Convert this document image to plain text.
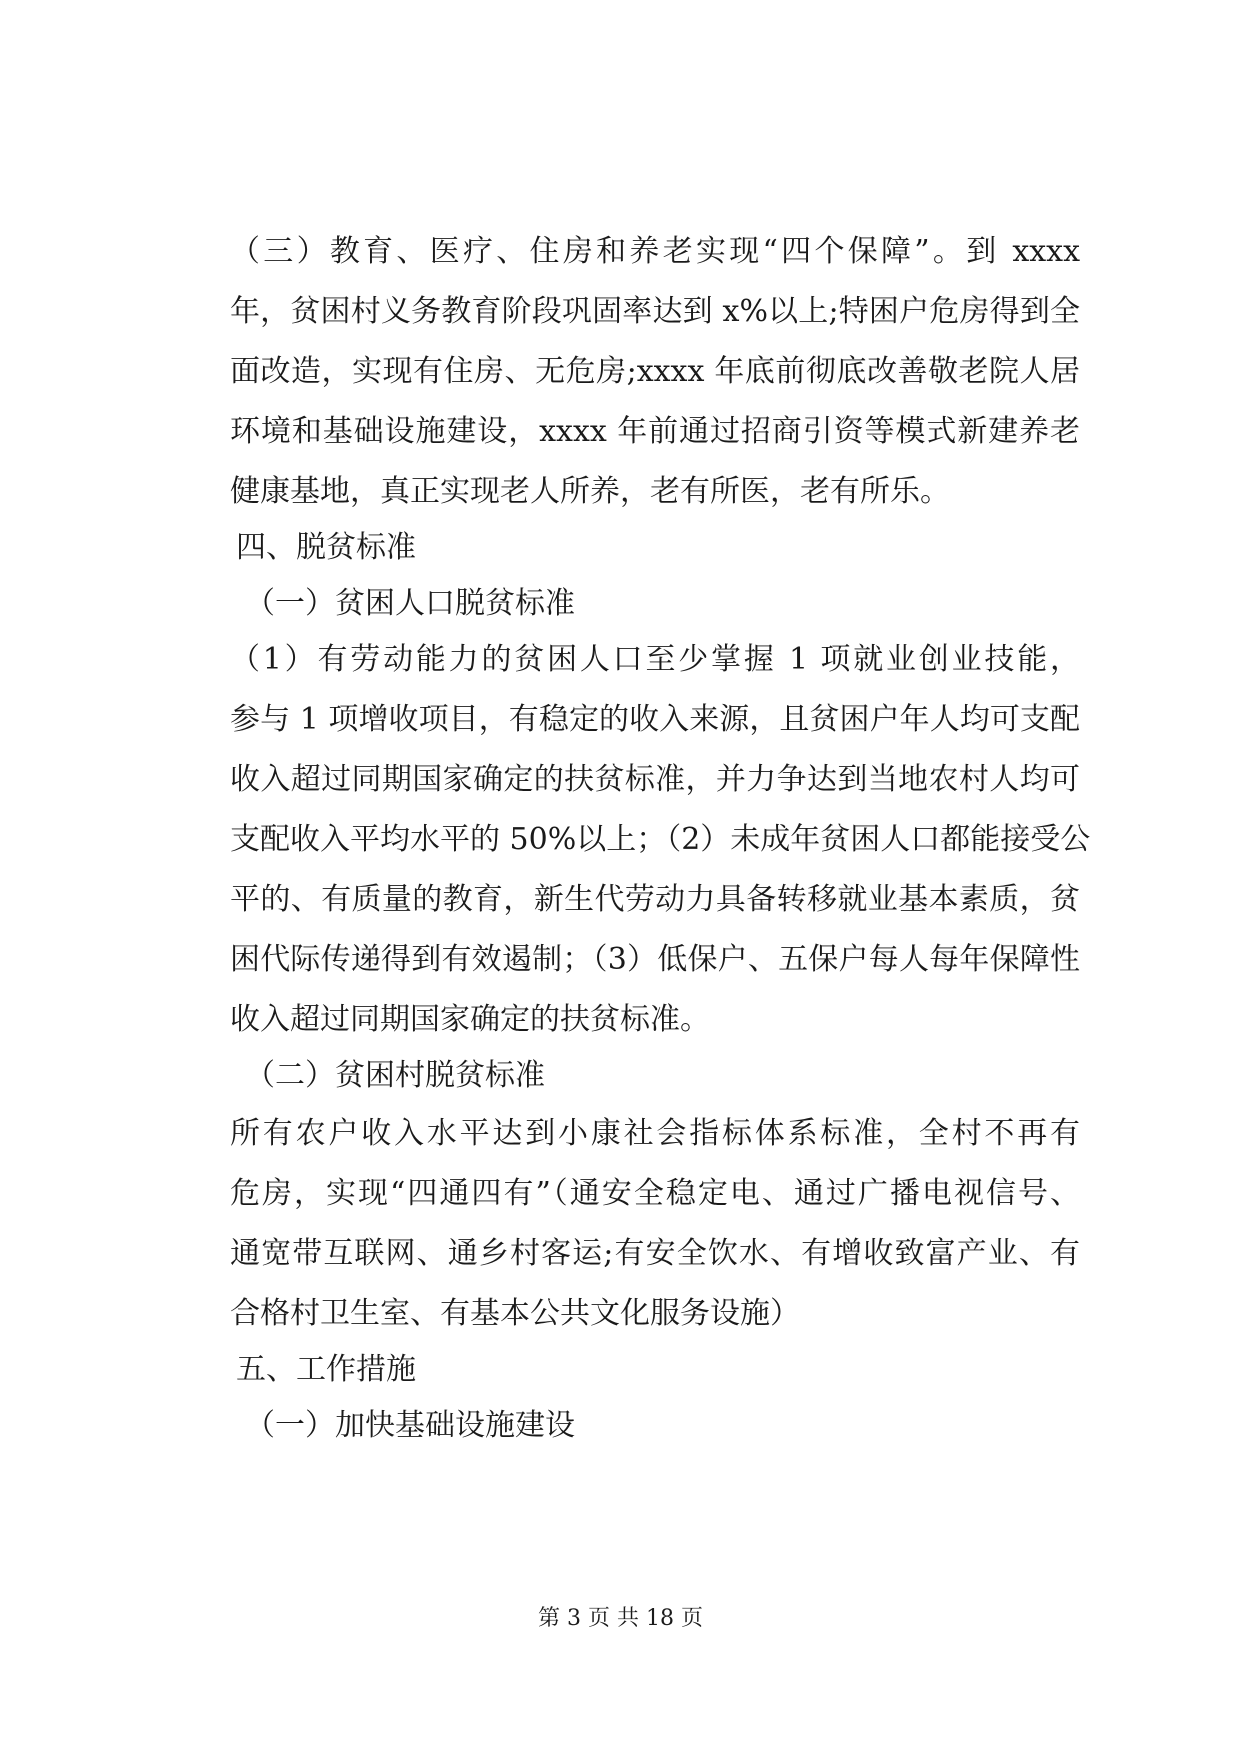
（三）教育、医疗、住房和养老实现“四个保障”。到 xxxx
年，贫困村义务教育阶段巩固率达到 x%以上;特困户危房得到全
面改造，实现有住房、无危房;xxxx 年底前彻底改善敬老院人居
环境和基础设施建设，xxxx 年前通过招商引资等模式新建养老
健康基地，真正实现老人所养，老有所医，老有所乐。
四、脱贫标准
（一）贫困人口脱贫标准
（1）有劳动能力的贫困人口至少掌握 1 项就业创业技能，
参与 1 项增收项目，有稳定的收入来源，且贫困户年人均可支配
收入超过同期国家确定的扶贫标准，并力争达到当地农村人均可
支配收入平均水平的 50%以上；（2）未成年贫困人口都能接受公
平的、有质量的教育，新生代劳动力具备转移就业基本素质，贫
困代际传递得到有效遏制；（3）低保户、五保户每人每年保障性
收入超过同期国家确定的扶贫标准。
（二）贫困村脱贫标准
所有农户收入水平达到小康社会指标体系标准，全村不再有
危房，实现“四通四有”（通安全稳定电、通过广播电视信号、
通宽带互联网、通乡村客运;有安全饮水、有增收致富产业、有
合格村卫生室、有基本公共文化服务设施）
五、工作措施
（一）加快基础设施建设
第 3 页 共 18 页
